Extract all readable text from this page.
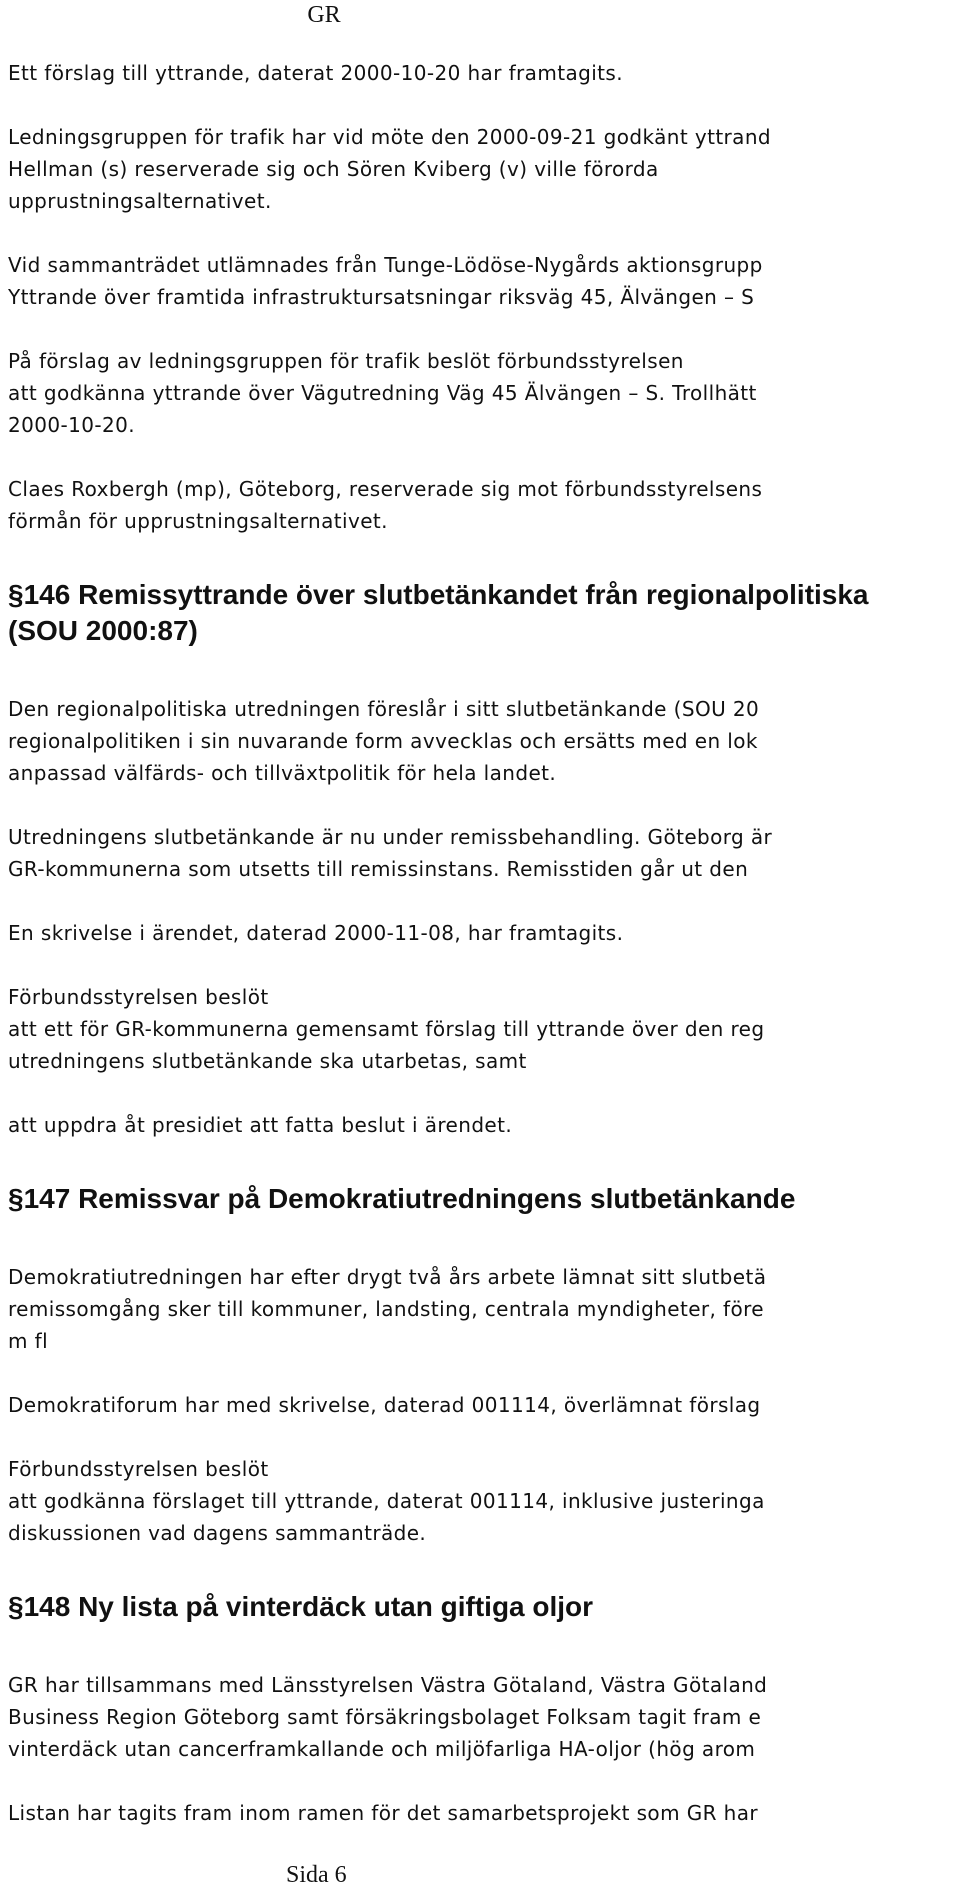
GR

Ett förslag till yttrande, daterat 2000-10-20 har framtagits.

Ledningsgruppen för trafik har vid möte den 2000-09-21 godkänt yttrand
Hellman (s) reserverade sig och Sören Kviberg (v) ville förorda
upprustningsalternativet.

Vid sammanträdet utlämnades från Tunge-Lödöse-Nygårds aktionsgrupp
Yttrande över framtida infrastruktursatsningar riksväg 45, Älvängen – S

På förslag av ledningsgruppen för trafik beslöt förbundsstyrelsen
att godkänna yttrande över Vägutredning Väg 45 Älvängen – S. Trollhätt
2000-10-20.

Claes Roxbergh (mp), Göteborg, reserverade sig mot förbundsstyrelsens
förmån för upprustningsalternativet.

§146 Remissyttrande över slutbetänkandet från regionalpolitiska
(SOU 2000:87)

Den regionalpolitiska utredningen föreslår i sitt slutbetänkande (SOU 20
regionalpolitiken i sin nuvarande form avvecklas och ersätts med en lok
anpassad välfärds- och tillväxtpolitik för hela landet.

Utredningens slutbetänkande är nu under remissbehandling. Göteborg är
GR-kommunerna som utsetts till remissinstans. Remisstiden går ut den

En skrivelse i ärendet, daterad 2000-11-08, har framtagits.

Förbundsstyrelsen beslöt
att ett för GR-kommunerna gemensamt förslag till yttrande över den reg
utredningens slutbetänkande ska utarbetas, samt

att uppdra åt presidiet att fatta beslut i ärendet.

§147 Remissvar på Demokratiutredningens slutbetänkande

Demokratiutredningen har efter drygt två års arbete lämnat sitt slutbetä
remissomgång sker till kommuner, landsting, centrala myndigheter, före
m fl

Demokratiforum har med skrivelse, daterad 001114, överlämnat förslag

Förbundsstyrelsen beslöt
att godkänna förslaget till yttrande, daterat 001114, inklusive justeringa
diskussionen vad dagens sammanträde.

§148 Ny lista på vinterdäck utan giftiga oljor

GR har tillsammans med Länsstyrelsen Västra Götaland, Västra Götaland
Business Region Göteborg samt försäkringsbolaget Folksam tagit fram e
vinterdäck utan cancerframkallande och miljöfarliga HA-oljor (hög arom

Listan har tagits fram inom ramen för det samarbetsprojekt som GR har

Sida 6
